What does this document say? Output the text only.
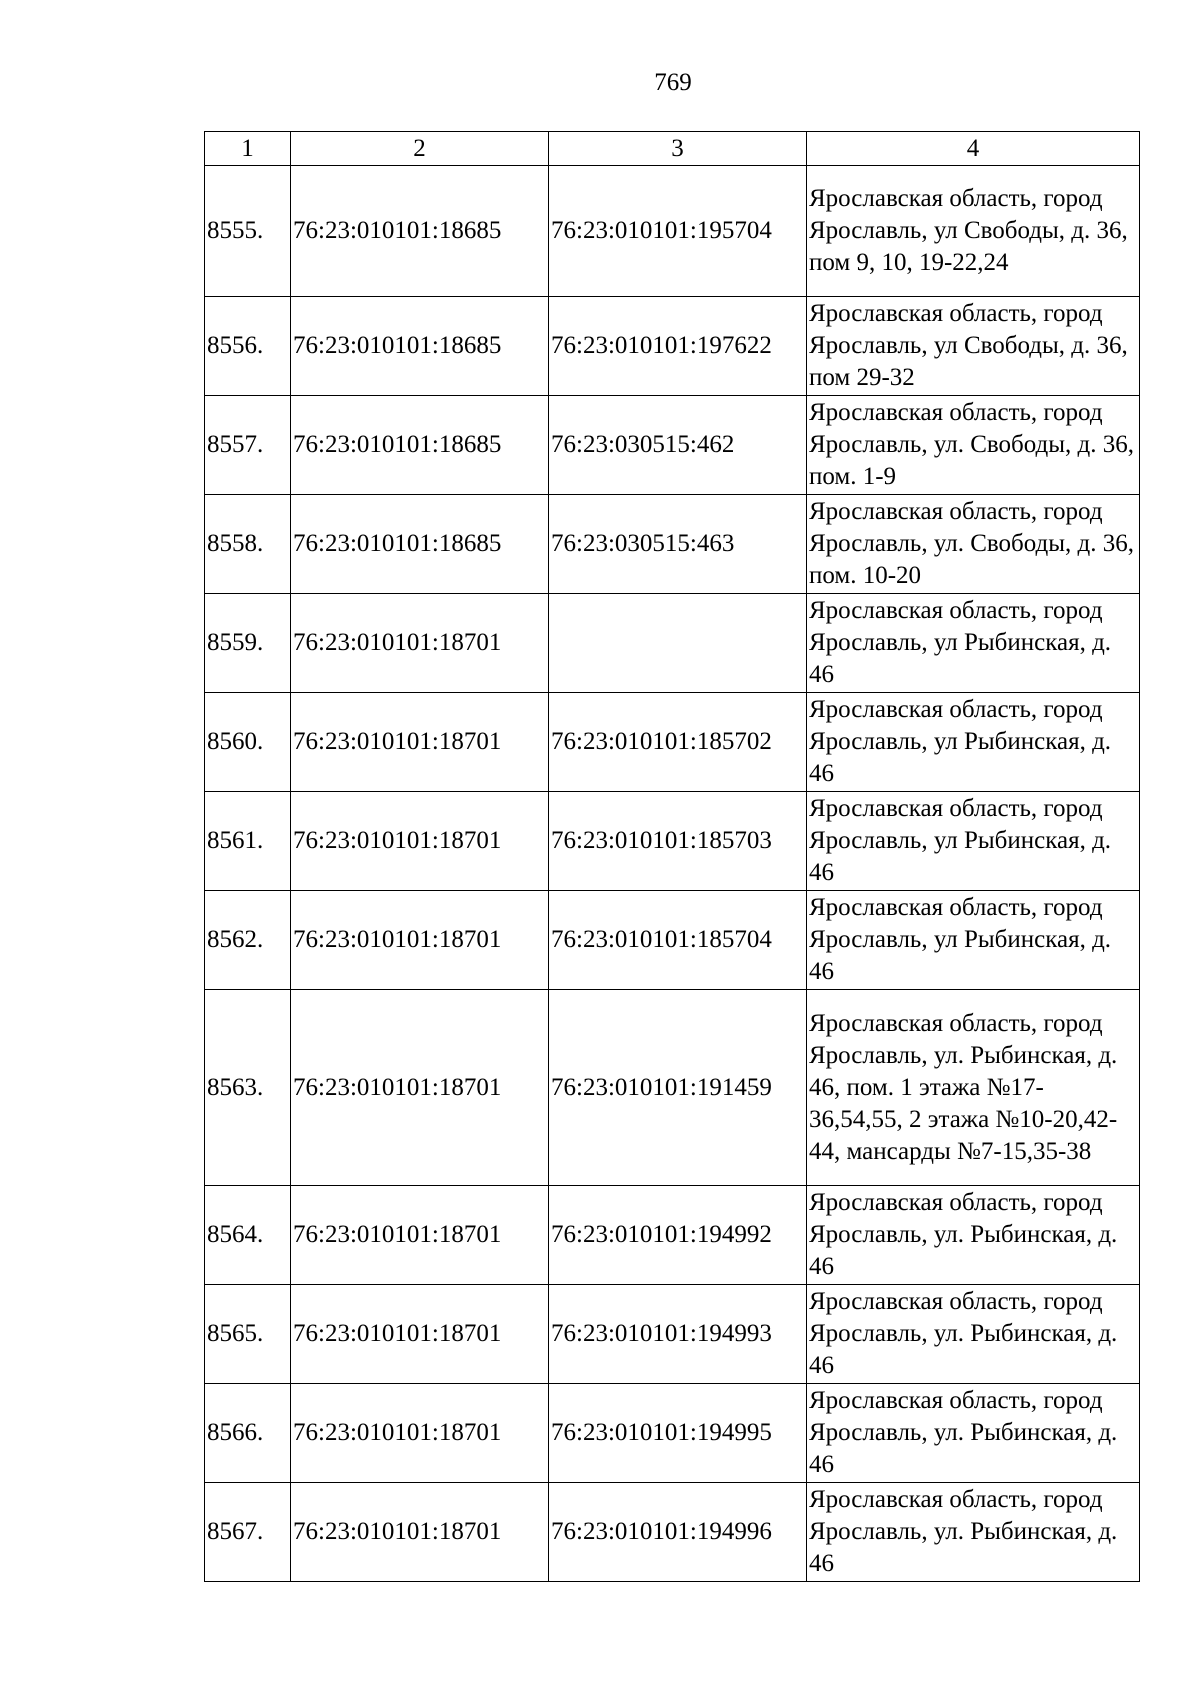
769
1	2	3	4
8555.	76:23:010101:18685	76:23:010101:195704	Ярославская область, город Ярославль, ул Свободы, д. 36, пом 9, 10, 19-22,24
8556.	76:23:010101:18685	76:23:010101:197622	Ярославская область, город Ярославль, ул Свободы, д. 36, пом 29-32
8557.	76:23:010101:18685	76:23:030515:462	Ярославская область, город Ярославль, ул. Свободы, д. 36, пом. 1-9
8558.	76:23:010101:18685	76:23:030515:463	Ярославская область, город Ярославль, ул. Свободы, д. 36, пом. 10-20
8559.	76:23:010101:18701		Ярославская область, город Ярославль, ул Рыбинская, д. 46
8560.	76:23:010101:18701	76:23:010101:185702	Ярославская область, город Ярославль, ул Рыбинская, д. 46
8561.	76:23:010101:18701	76:23:010101:185703	Ярославская область, город Ярославль, ул Рыбинская, д. 46
8562.	76:23:010101:18701	76:23:010101:185704	Ярославская область, город Ярославль, ул Рыбинская, д. 46
8563.	76:23:010101:18701	76:23:010101:191459	Ярославская область, город Ярославль, ул. Рыбинская, д. 46, пом. 1 этажа №17-36,54,55, 2 этажа №10-20,42-44, мансарды №7-15,35-38
8564.	76:23:010101:18701	76:23:010101:194992	Ярославская область, город Ярославль, ул. Рыбинская, д. 46
8565.	76:23:010101:18701	76:23:010101:194993	Ярославская область, город Ярославль, ул. Рыбинская, д. 46
8566.	76:23:010101:18701	76:23:010101:194995	Ярославская область, город Ярославль, ул. Рыбинская, д. 46
8567.	76:23:010101:18701	76:23:010101:194996	Ярославская область, город Ярославль, ул. Рыбинская, д. 46
